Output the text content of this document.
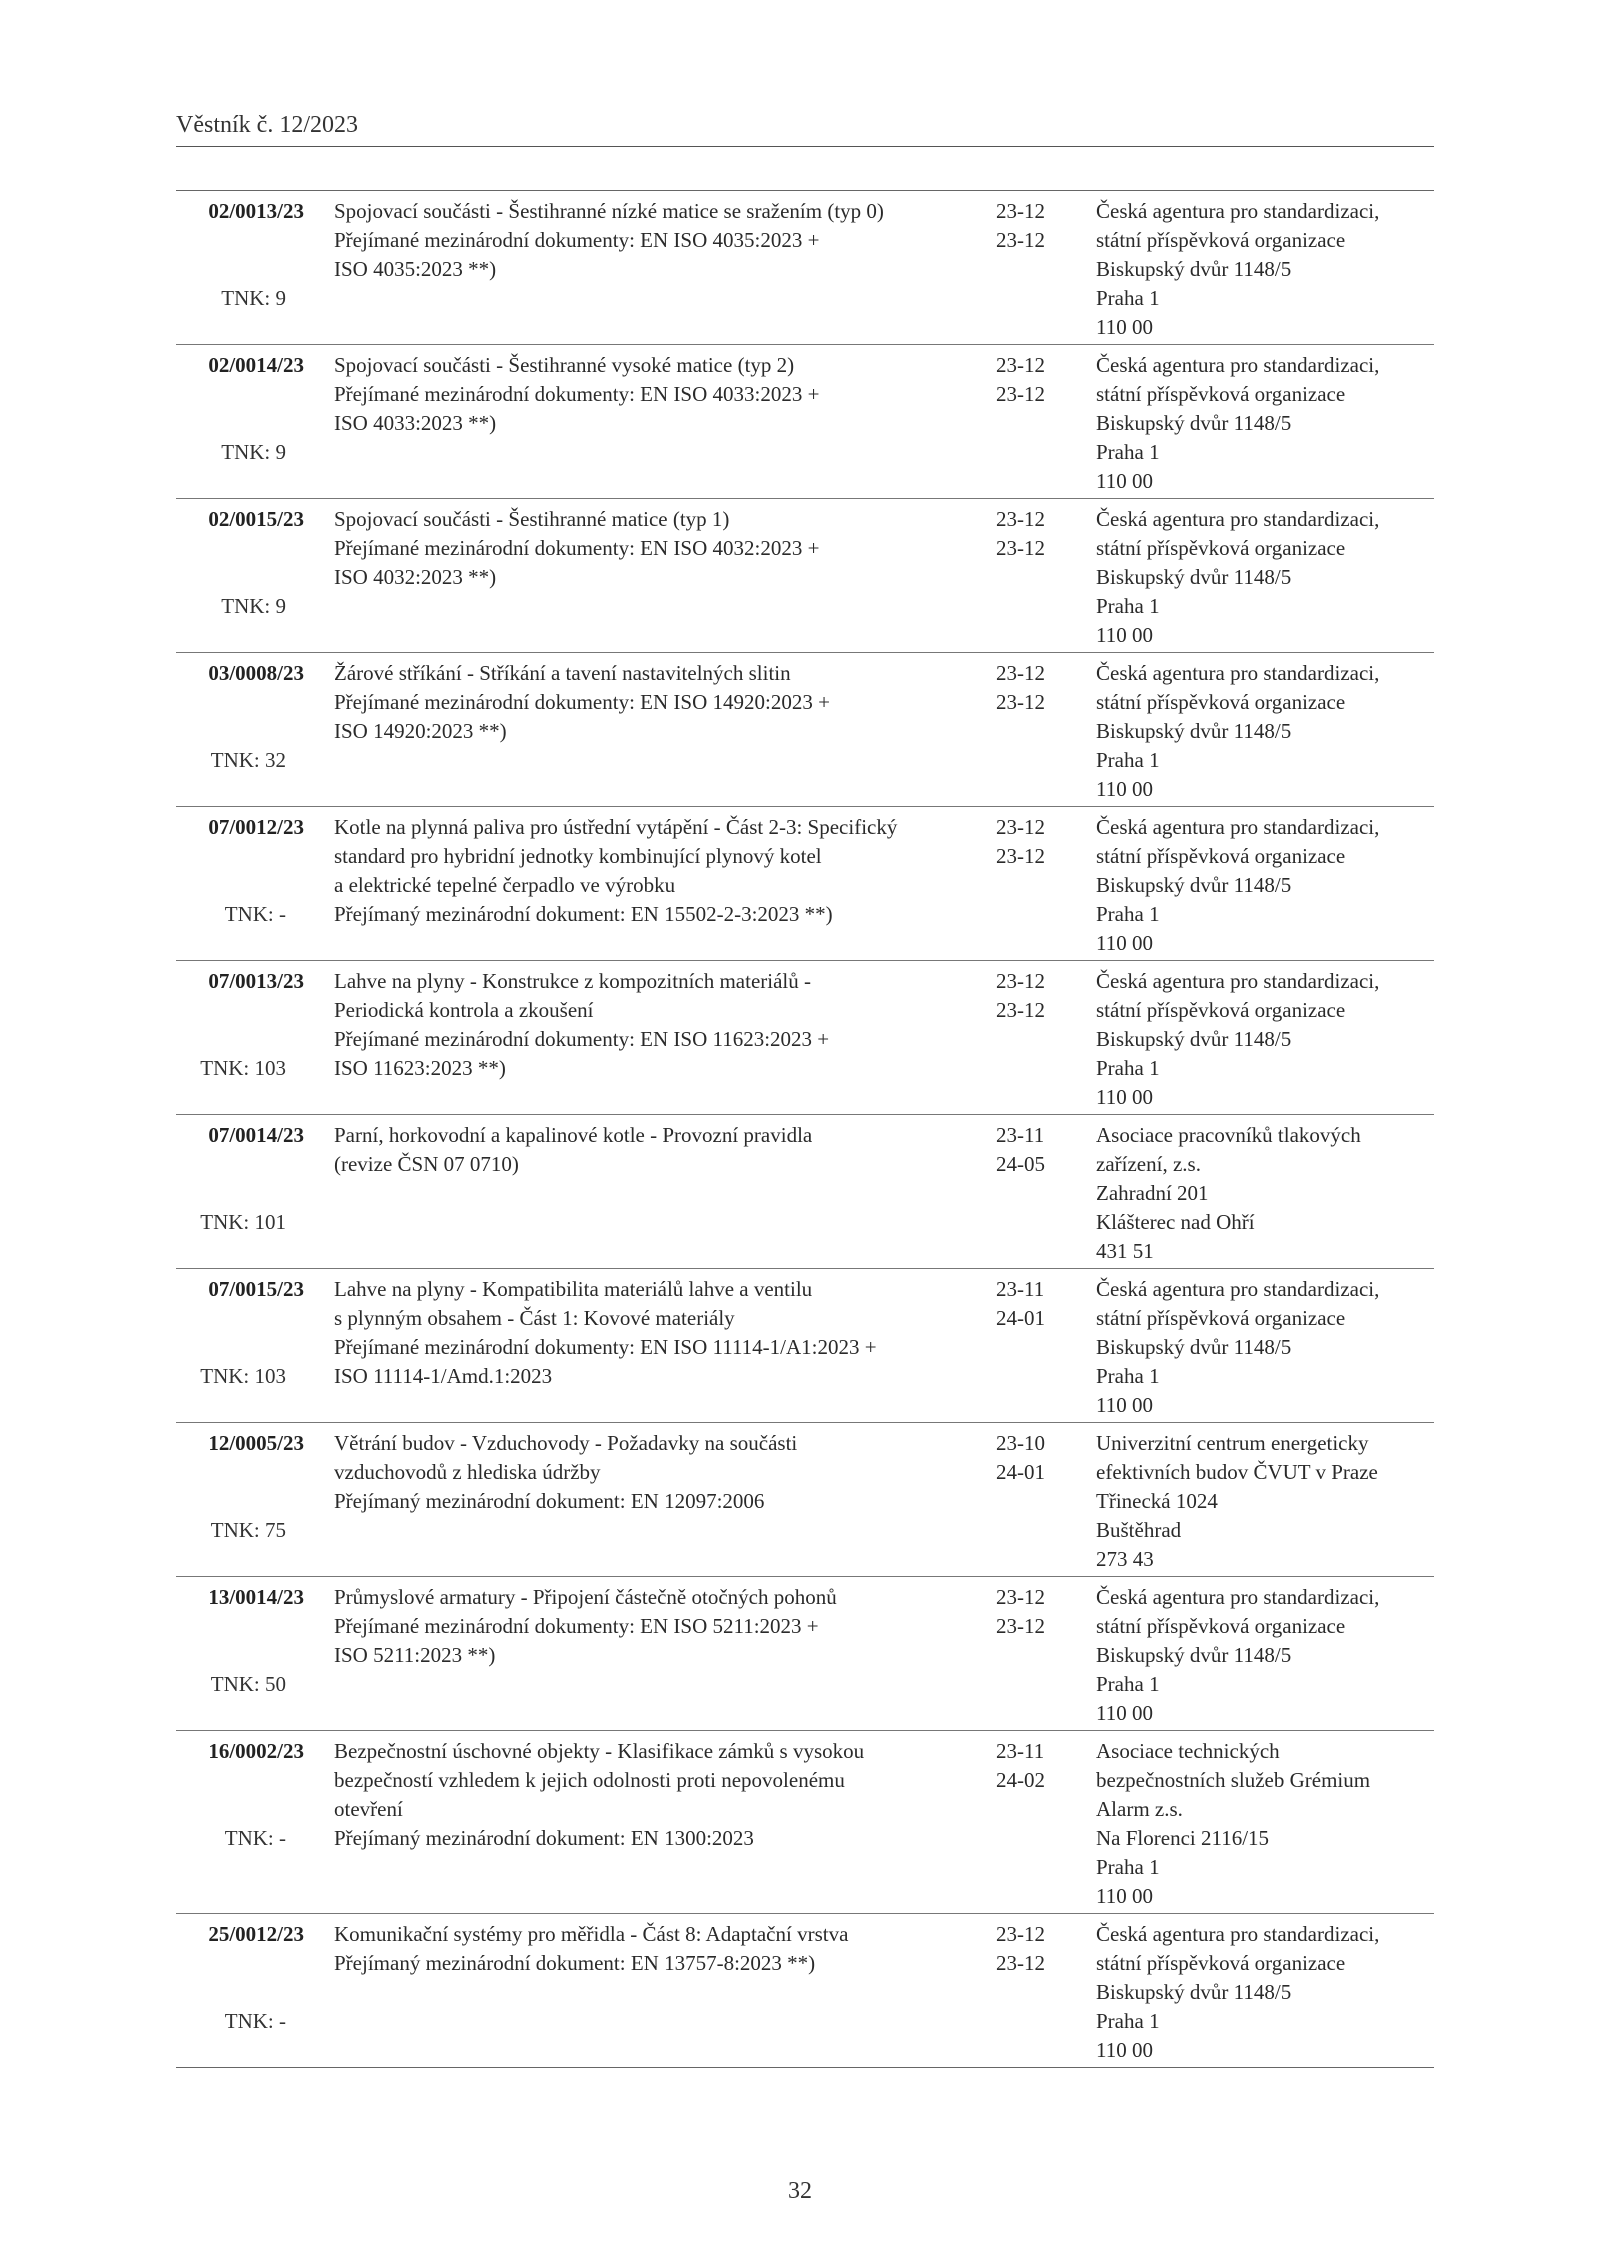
Věstník č. 12/2023
02/0013/23
TNK: 9
Spojovací součásti - Šestihranné nízké matice se sražením (typ 0)
Přejímané mezinárodní dokumenty: EN ISO 4035:2023 +
ISO 4035:2023 **)
23-12
23-12
Česká agentura pro standardizaci,
státní příspěvková organizace
Biskupský dvůr 1148/5
Praha 1
110 00
02/0014/23
TNK: 9
Spojovací součásti - Šestihranné vysoké matice (typ 2)
Přejímané mezinárodní dokumenty: EN ISO 4033:2023 +
ISO 4033:2023 **)
23-12
23-12
Česká agentura pro standardizaci,
státní příspěvková organizace
Biskupský dvůr 1148/5
Praha 1
110 00
02/0015/23
TNK: 9
Spojovací součásti - Šestihranné matice (typ 1)
Přejímané mezinárodní dokumenty: EN ISO 4032:2023 +
ISO 4032:2023 **)
23-12
23-12
Česká agentura pro standardizaci,
státní příspěvková organizace
Biskupský dvůr 1148/5
Praha 1
110 00
03/0008/23
TNK: 32
Žárové stříkání - Stříkání a tavení nastavitelných slitin
Přejímané mezinárodní dokumenty: EN ISO 14920:2023 +
ISO 14920:2023 **)
23-12
23-12
Česká agentura pro standardizaci,
státní příspěvková organizace
Biskupský dvůr 1148/5
Praha 1
110 00
07/0012/23
TNK: -
Kotle na plynná paliva pro ústřední vytápění - Část 2-3: Specifický
standard pro hybridní jednotky kombinující plynový kotel
a elektrické tepelné čerpadlo ve výrobku
Přejímaný mezinárodní dokument: EN 15502-2-3:2023 **)
23-12
23-12
Česká agentura pro standardizaci,
státní příspěvková organizace
Biskupský dvůr 1148/5
Praha 1
110 00
07/0013/23
TNK: 103
Lahve na plyny - Konstrukce z kompozitních materiálů -
Periodická kontrola a zkoušení
Přejímané mezinárodní dokumenty: EN ISO 11623:2023 +
ISO 11623:2023 **)
23-12
23-12
Česká agentura pro standardizaci,
státní příspěvková organizace
Biskupský dvůr 1148/5
Praha 1
110 00
07/0014/23
TNK: 101
Parní, horkovodní a kapalinové kotle - Provozní pravidla
(revize ČSN 07 0710)
23-11
24-05
Asociace pracovníků tlakových
zařízení, z.s.
Zahradní 201
Klášterec nad Ohří
431 51
07/0015/23
TNK: 103
Lahve na plyny - Kompatibilita materiálů lahve a ventilu
s plynným obsahem - Část 1: Kovové materiály
Přejímané mezinárodní dokumenty: EN ISO 11114-1/A1:2023 +
ISO 11114-1/Amd.1:2023
23-11
24-01
Česká agentura pro standardizaci,
státní příspěvková organizace
Biskupský dvůr 1148/5
Praha 1
110 00
12/0005/23
TNK: 75
Větrání budov - Vzduchovody - Požadavky na součásti
vzduchovodů z hlediska údržby
Přejímaný mezinárodní dokument: EN 12097:2006
23-10
24-01
Univerzitní centrum energeticky
efektivních budov ČVUT v Praze
Třinecká 1024
Buštěhrad
273 43
13/0014/23
TNK: 50
Průmyslové armatury - Připojení částečně otočných pohonů
Přejímané mezinárodní dokumenty: EN ISO 5211:2023 +
ISO 5211:2023 **)
23-12
23-12
Česká agentura pro standardizaci,
státní příspěvková organizace
Biskupský dvůr 1148/5
Praha 1
110 00
16/0002/23
TNK: -
Bezpečnostní úschovné objekty - Klasifikace zámků s vysokou
bezpečností vzhledem k jejich odolnosti proti nepovolenému
otevření
Přejímaný mezinárodní dokument: EN 1300:2023
23-11
24-02
Asociace technických
bezpečnostních služeb Grémium
Alarm z.s.
Na Florenci 2116/15
Praha 1
110 00
25/0012/23
TNK: -
Komunikační systémy pro měřidla - Část 8: Adaptační vrstva
Přejímaný mezinárodní dokument: EN 13757-8:2023 **)
23-12
23-12
Česká agentura pro standardizaci,
státní příspěvková organizace
Biskupský dvůr 1148/5
Praha 1
110 00
32
